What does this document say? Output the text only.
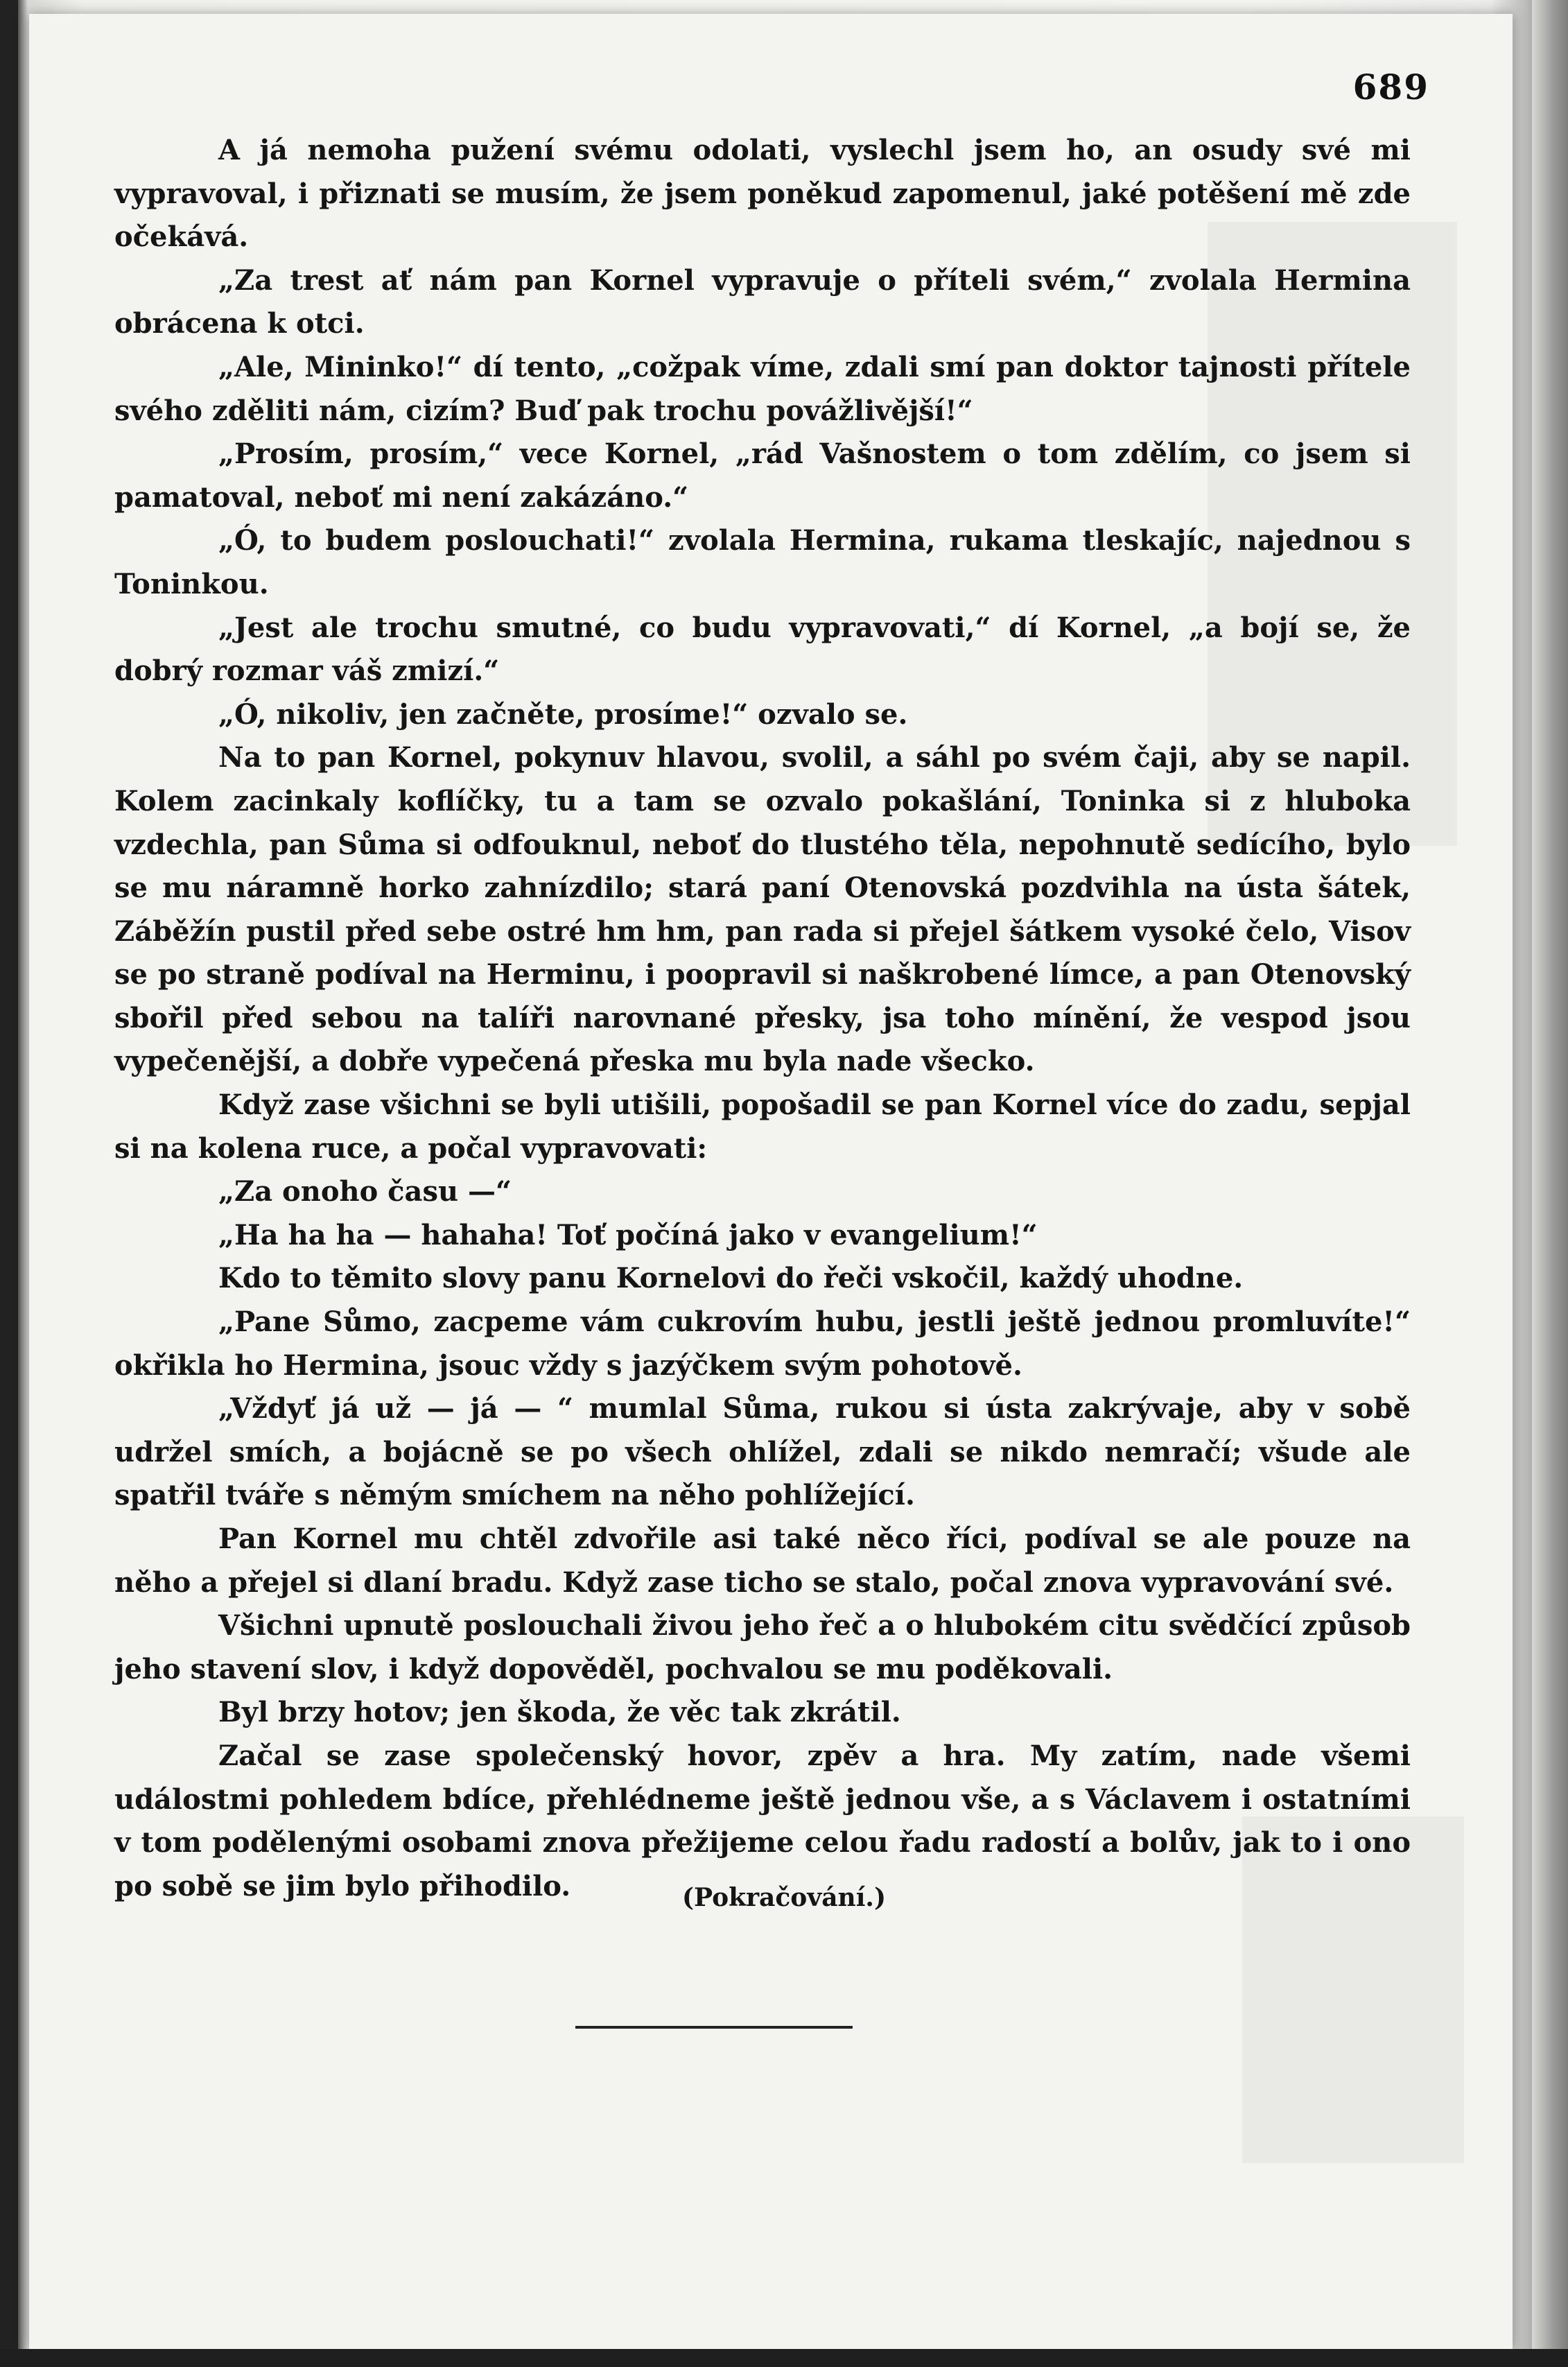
689

A já nemoha pužení svému odolati, vyslechl jsem ho, an osudy své mi vypravoval, i přiznati se musím, že jsem poněkud zapomenul, jaké potěšení mě zde očekává.

„Za trest ať nám pan Kornel vypravuje o příteli svém,“ zvolala Hermina obrácena k otci.

„Ale, Mininko!“ dí tento, „cožpak víme, zdali smí pan doktor tajnosti přítele svého zděliti nám, cizím? Buď pak trochu povážlivější!“

„Prosím, prosím,“ vece Kornel, „rád Vašnostem o tom zdělím, co jsem si pamatoval, neboť mi není zakázáno.“

„Ó, to budem poslouchati!“ zvolala Hermina, rukama tleskajíc, najednou s Toninkou.

„Jest ale trochu smutné, co budu vypravovati,“ dí Kornel, „a bojí se, že dobrý rozmar váš zmizí.“

„Ó, nikoliv, jen začněte, prosíme!“ ozvalo se.

Na to pan Kornel, pokynuv hlavou, svolil, a sáhl po svém čaji, aby se napil. Kolem zacinkaly koflíčky, tu a tam se ozvalo pokašlání, Toninka si z hluboka vzdechla, pan Sůma si odfouknul, neboť do tlustého těla, nepohnutě sedícího, bylo se mu náramně horko zahnízdilo; stará paní Otenovská pozdvihla na ústa šátek, Záběžín pustil před sebe ostré hm hm, pan rada si přejel šátkem vysoké čelo, Visov se po straně podíval na Herminu, i poopravil si naškrobené límce, a pan Otenovský sbořil před sebou na talíři narovnané přesky, jsa toho mínění, že vespod jsou vypečenější, a dobře vypečená přeska mu byla nade všecko.

Když zase všichni se byli utišili, popošadil se pan Kornel více do zadu, sepjal si na kolena ruce, a počal vypravovati:

„Za onoho času —“

„Ha ha ha — hahaha! Toť počíná jako v evangelium!“

Kdo to těmito slovy panu Kornelovi do řeči vskočil, každý uhodne.

„Pane Sůmo, zacpeme vám cukrovím hubu, jestli ještě jednou promluvíte!“ okřikla ho Hermina, jsouc vždy s jazýčkem svým pohotově.

„Vždyť já už — já — “ mumlal Sůma, rukou si ústa zakrývaje, aby v sobě udržel smích, a bojácně se po všech ohlížel, zdali se nikdo nemračí; všude ale spatřil tváře s němým smíchem na něho pohlížející.

Pan Kornel mu chtěl zdvořile asi také něco říci, podíval se ale pouze na něho a přejel si dlaní bradu. Když zase ticho se stalo, počal znova vypravování své.

Všichni upnutě poslouchali živou jeho řeč a o hlubokém citu svědčící způsob jeho stavení slov, i když dopověděl, pochvalou se mu poděkovali.

Byl brzy hotov; jen škoda, že věc tak zkrátil.

Začal se zase společenský hovor, zpěv a hra. My zatím, nade všemi událostmi pohledem bdíce, přehlédneme ještě jednou vše, a s Václavem i ostatními v tom podělenými osobami znova přežijeme celou řadu radostí a bolův, jak to i ono po sobě se jim bylo přihodilo.	(Pokračování.)
